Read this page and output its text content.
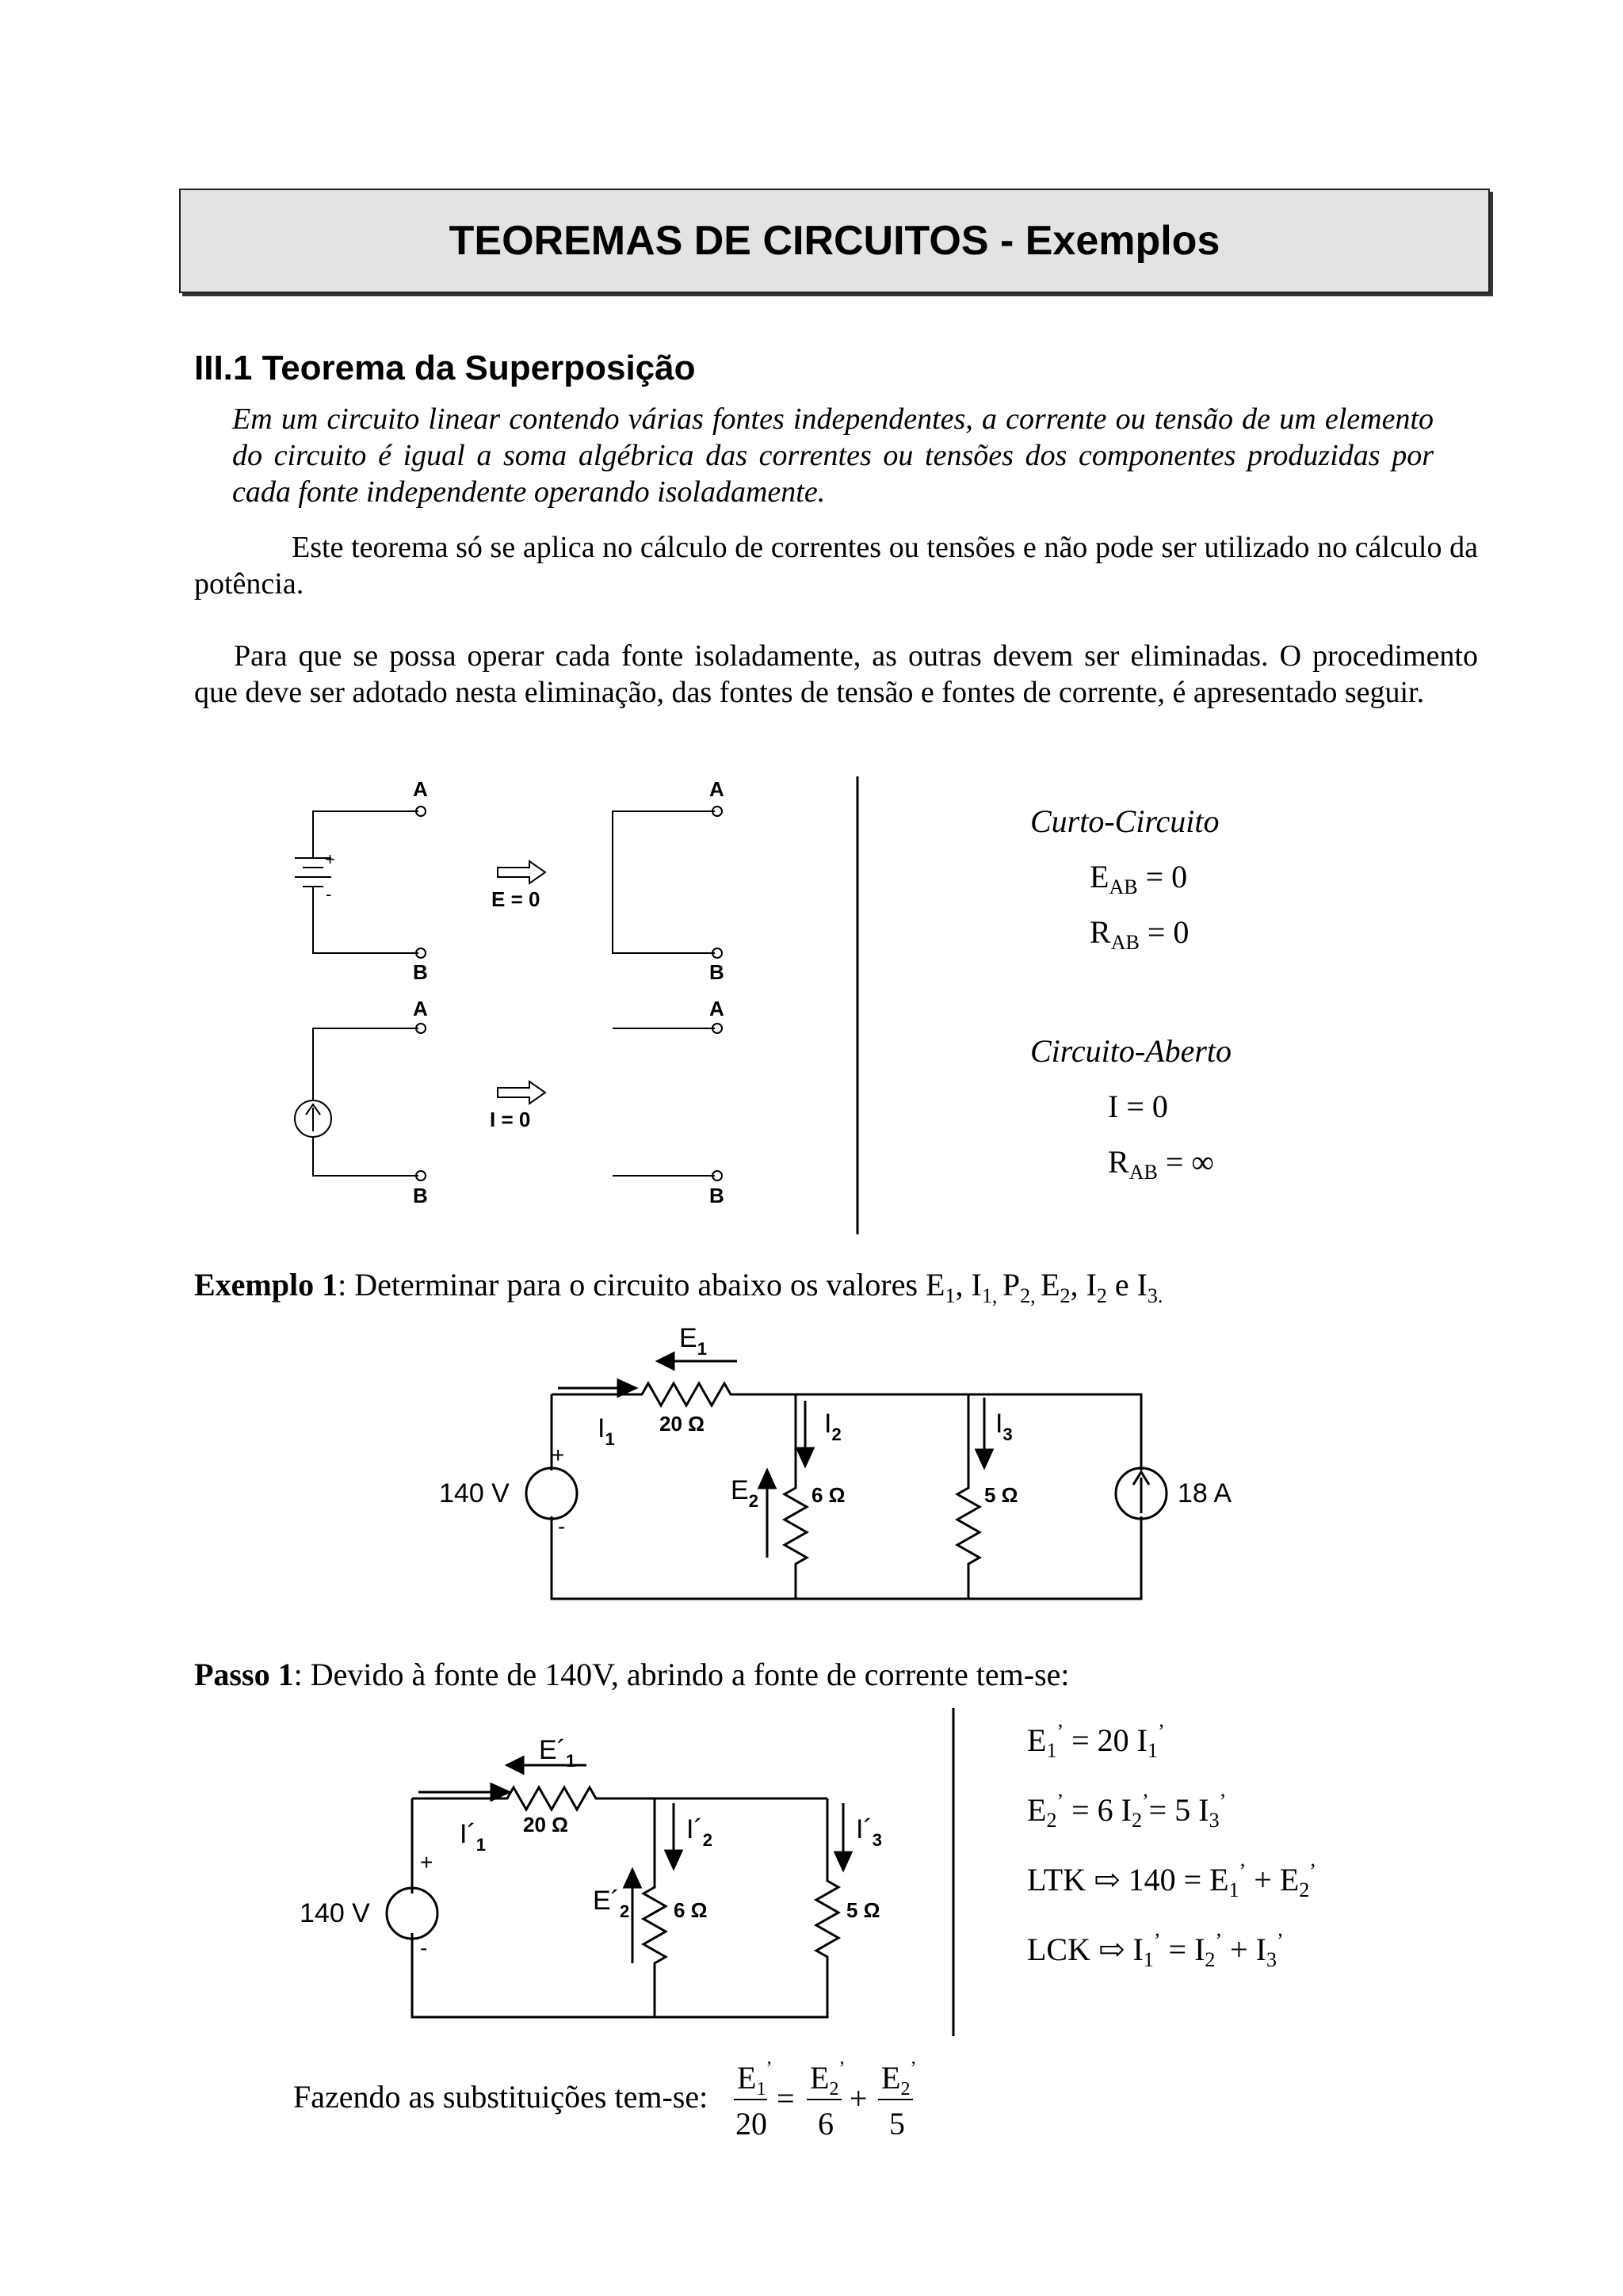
TEOREMAS DE CIRCUITOS - Exemplos
III.1 Teorema da Superposição
Em um circuito linear contendo várias fontes independentes, a corrente ou tensão de um elemento do circuito é igual a soma algébrica das correntes ou tensões dos componentes produzidas por cada fonte independente operando isoladamente.
Este teorema só se aplica no cálculo de correntes ou tensões e não pode ser utilizado no cálculo da potência.
Para que se possa operar cada fonte isoladamente, as outras devem ser eliminadas. O procedimento que deve ser adotado nesta eliminação, das fontes de tensão e fontes de corrente, é apresentado seguir.
A
B
A
B
A
B
A
B
E = 0
I = 0
+
-
Curto-Circuito
$E_{AB} = 0$
$R_{AB} = 0$
Circuito-Aberto
I = 0
$R_{AB}$ = ∞
Exemplo 1: Determinar para o circuito abaixo os valores $E_1$, $I_{1,}$ $P_{2,}$ $E_2$, $I_2$ e $I_{3.}$
$E_1$
$I_1$
$I_2$	$I_3$
$E_2$
140 V	18 A
20 Ω
6 Ω	5 Ω
+
-
Passo 1: Devido à fonte de 140V, abrindo a fonte de corrente tem-se:
$E´_1$
$I´_1$
$I´_2$	$I´_3$
$E´_2$
140 V
20 Ω
6 Ω	5 Ω
+
-
$E_1^’ = 20$ $I_1^’$
$E_2^’ = 6$ $I_2^’= 5$ $I_3^’$
LTK ⇨ $140 = E_1^’ + E_2^’$
LCK ⇨ $I_1^’ = I_2^’ + I_3^’$
Fazendo as substituições tem-se:
$E_1^’$
20
=
$E_2^’$
6
+
$E_2^’$
5
